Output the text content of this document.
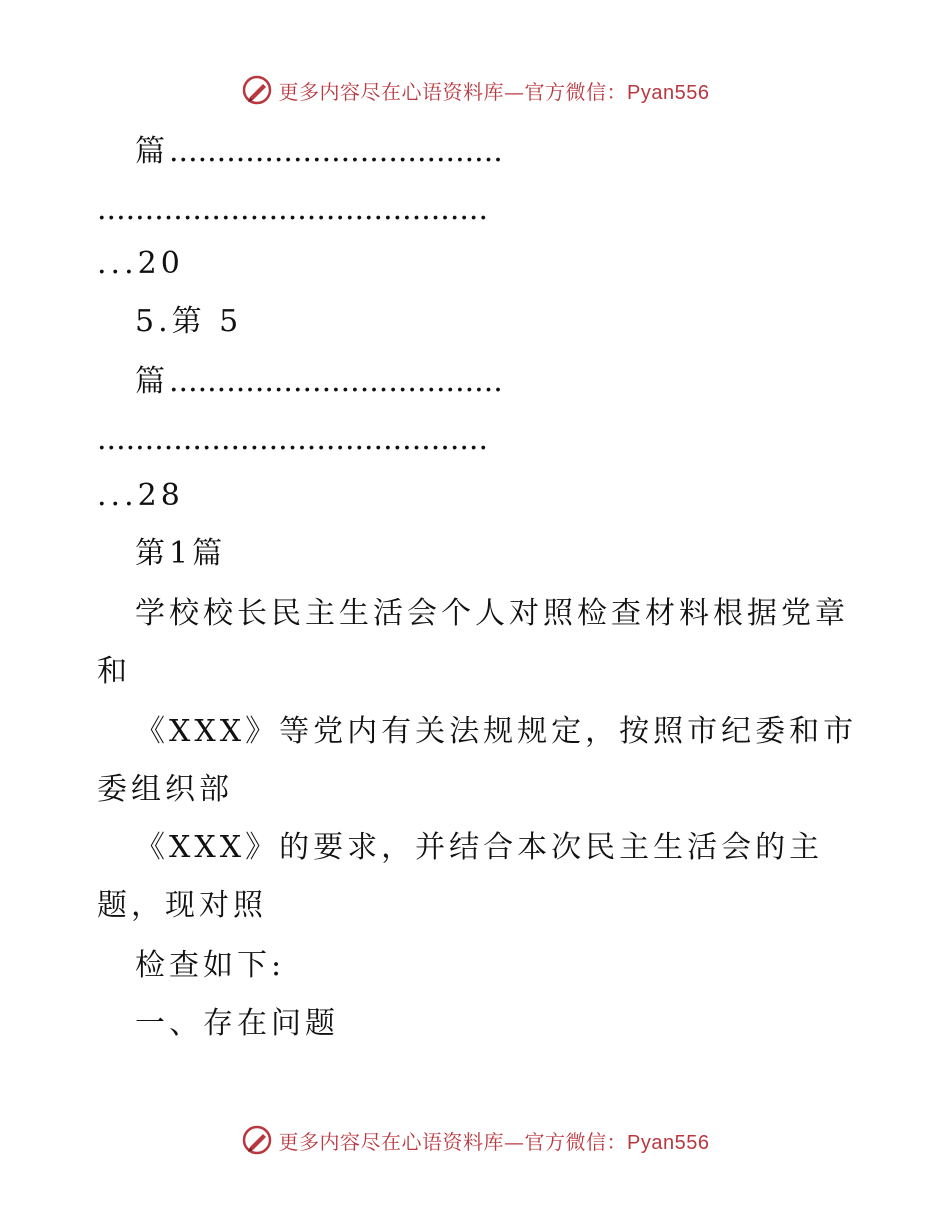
更多内容尽在心语资料库—官方微信：Pyan556
篇...................................
.........................................
...20
5.第 5
篇...................................
.........................................
...28
第1篇
学校校长民主生活会个人对照检查材料根据党章
和
《XXX》等党内有关法规规定，按照市纪委和市
委组织部
《XXX》的要求，并结合本次民主生活会的主
题，现对照
检查如下:
一、存在问题
更多内容尽在心语资料库—官方微信：Pyan556
